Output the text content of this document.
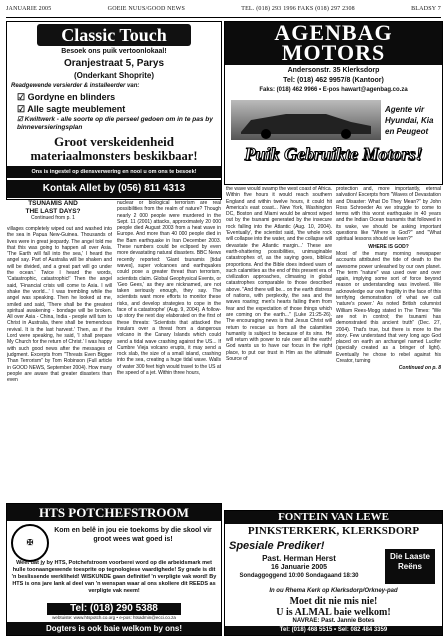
JANUARIE 2005	GOEIE NUUS/GOOD NEWS	TEL. (018) 293 1996 FAKS (018) 297 2308	BLADSY 7
Classic Touch
Besoek ons puik vertoonlokaal!
Oranjestraat 5, Parys
(Onderkant Shoprite)
Readgewende versierder & installeerder van:
☑ Gordyne en blinders
☑ Alle sagte meublement
☑ Kwiltwerk - alle soorte op die perseel gedoen om in te pas by binneversieringsplan
Groot verskeidenheid
materiaalmonsters beskikbaar!
Ons is ingestel op diensverwering en nooi u om ons te besoek!
Kontak Allet by (056) 811 4313
AGENBAG MOTORS
Andersonstr. 35 Klerksdorp
Tel: (018) 462 9957/8 (Kantoor)
Faks: (018) 462 9966 • E-pos hawart@agenbag.co.za
Agente vir Hyundai, Kia en Peugeot
Puik Gebruikte Motors!
TSUNAMIS AND
THE LAST DAYS?
Continued from p. 1

villages completely wiped out and washed into the sea in Papua New-Guinea. Thousands of lives were in great jeopardy. The angel told me that this was going to happen all over Asia. 'The Earth will fall into the sea,' I heard the angel say. Part of Australia will be shaken and will be divided, and a great part will go under the ocean.' Twice I heard the words, 'Catastrophic, catastrophic!' Then the angel said, 'Financial crisis will come to Asia. I will shake the world...' I was trembling while the angel was speaking. Then he looked at me, smiled and said, 'There shall be the greatest spiritual awakening - bondage will be broken. All over Asia - China, India - people will turn to Christ in Australia, there shall be tremendous revival. It is the last harvest.' Then, as if the Lord were speaking, he said, 'I shall prepare My Church for the return of Christ.' I was happy with such good news after the messages of judgment. Excerpts from "Threats Even Bigger Than Terrorism" by Tom Robinson (Full article in GOOD NEWS, September 2004). How many people are aware that greater disasters than even

nuclear or biological terrorism are real possibilities from the realm of nature? Though nearly 2 000 people were murdered in the Sept. 11 (2001) attacks, approximately 20 000 people died August 2003 from a heat wave in Europe. And more than 40 000 people died in the Bam earthquake in Iran December 2003. These numbers could be eclipsed by even more devastating natural disasters. BBC News recently reported: 'Giant tsunamis [tidal waves], super volcanoes and earthquakes could pose a greater threat than terrorism, scientists claim. Global Geophysical Events, or 'Geo Gees,' as they are nicknamed, are not taken seriously enough, they say. The scientists want more efforts to monitor these risks, and develop strategies to cope in the face of a catastrophe' (Aug. 9, 2004). A follow-up story the next day elaborated on the first of these threats: 'Scientists that attacked the insulars over a threat from a dangerous volcano in the Canary Islands which could send a tidal wave crashing against the US... If Cumbre Vieja volcano erupts, it may send a rock slab, the size of a small island, crashing into the sea, creating a huge tidal wave. Walls of water 300 feet high would travel to the US at the speed of a jet. Within three hours,

the wave would swamp the west coast of Africa. Within five hours it would reach southern England and within twelve hours, it could hit America's east coast... New York, Washington DC, Boston and Miami would be almost wiped out by the tsunami generated by the insecure rock falling into the Atlantic (Aug. 10, 2004). 'Eventually', the scientist said, 'the whole rock will collapse into the water, and the collapse will devastate the Atlantic margin...' These are earth-shattering possibilities, unimaginable catastrophes of, as the saying goes, biblical proportions. And the Bible does indeed warn of such calamities as the end of this present era of civilization approaches, climaxing in global catastrophes comparable to those described above. "And there will be... on the earth distress of nations, with perplexity, the sea and the waves roaring; men's hearts failing them from fear and the expectation of those things which are coming on the earth..." (Luke 21:25-26). The encouraging news is that Jesus Christ will return to rescue us from all the calamities humanity is subject to because of its sins. He will return with power to rule over all the earth! God wants us to have our focus in the right place, to put our trust in Him as the ultimate Source of

protection and, more importantly, eternal salvation! Excerpts from "Waves of Devastation and Disaster: What Do They Mean?" by John Ross Schroeder As we struggle to come to terms with this worst earthquake in 40 years and the Indian Ocean tsunamis that followed in its wake, we should be asking important questions like "Where is God?" and "What spiritual lessons should we learn?"

WHERE IS GOD?

Most of the many morning newspaper accounts attributed the tide of death to the awesome power unleashed by our own planet. The term "nature" was used over and over again, implying some sort of force beyond reason or understanding was involved. We acknowledge our own fragility in the face of this terrifying demonstration of what we call 'nature's power.' As noted British columnist William Rees-Mogg stated in The Times: "We are not in control; the tsunami has demonstrated this ancient truth" (Dec. 27, 2004). That's true, but there is more to the story. Few understand that very long ago God placed on earth an archangel named Lucifer (specially created as a bringer of light). Eventually he chose to rebel against his Creator, turning

Continued on p. 8

HTS POTCHEFSTROOM
✠
Kom en belê in jou eie toekoms by die skool vir groot wees wat goed is!
Weet dat jy by HTS, Potchefstroom voorberei word op die arbeidsmark met hulle toonaangewende toesprite op tegnologiese vaardighede! Sy grade is dit 'n beslissende werkliheid! WISKUNDE gaan definitief 'n verpligte vak word! By HTS is ons jare lank al deel van 'n wenspan waar al ons skoliere dit REEDS as verpligte vak neem!
Tel: (018) 290 5388
webtuiste: www.htspotch.co.org • e-pos: htsadmin@ecci.co.za
Dogters is ook baie welkom by ons!
FONTEIN VAN LEWE
PINKSTERKERK, KLERKSDORP
Spesiale Prediker!
Past. Herman Herst
16 Januarie 2005
Sondaggoggend 10:00 Sondagaand 18:30
Die Laaste Reëns
In ou Rhema Kerk op Klerksdorp/Orkney-pad
Moet dit nie mis nie!
U is ALMAL baie welkom!
NAVRAE: Past. Jannie Botes
Tel: (018) 468 5515 • Sel: 082 484 3359
